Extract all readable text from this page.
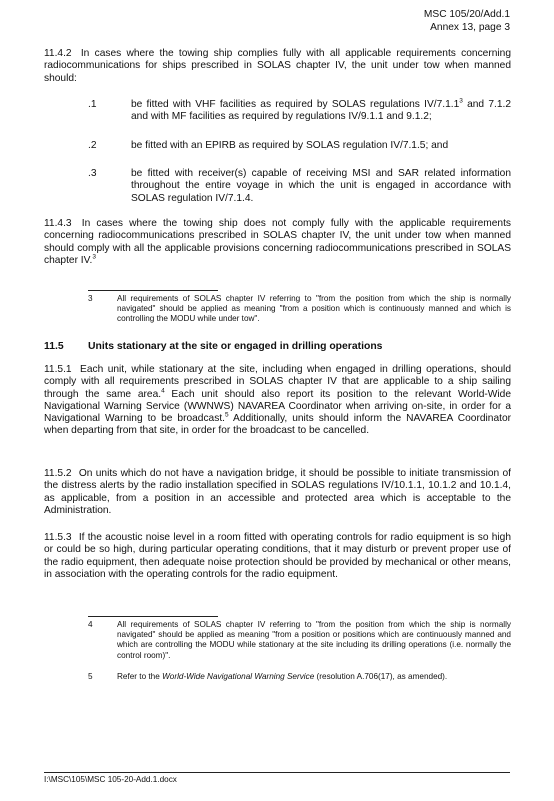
MSC 105/20/Add.1
Annex 13, page 3
11.4.2 In cases where the towing ship complies fully with all applicable requirements concerning radiocommunications for ships prescribed in SOLAS chapter IV, the unit under tow when manned should:
.1	be fitted with VHF facilities as required by SOLAS regulations IV/7.1.1$^3$ and 7.1.2 and with MF facilities as required by regulations IV/9.1.1 and 9.1.2;
.2	be fitted with an EPIRB as required by SOLAS regulation IV/7.1.5; and
.3	be fitted with receiver(s) capable of receiving MSI and SAR related information throughout the entire voyage in which the unit is engaged in accordance with SOLAS regulation IV/7.1.4.
11.4.3 In cases where the towing ship does not comply fully with the applicable requirements concerning radiocommunications prescribed in SOLAS chapter IV, the unit under tow when manned should comply with all the applicable provisions concerning radiocommunications prescribed in SOLAS chapter IV.$^3$
3	All requirements of SOLAS chapter IV referring to "from the position from which the ship is normally navigated" should be applied as meaning "from a position which is continuously manned and which is controlling the MODU while under tow".
11.5 Units stationary at the site or engaged in drilling operations
11.5.1 Each unit, while stationary at the site, including when engaged in drilling operations, should comply with all requirements prescribed in SOLAS chapter IV that are applicable to a ship sailing through the same area.$^4$ Each unit should also report its position to the relevant World-Wide Navigational Warning Service (WWNWS) NAVAREA Coordinator when arriving on-site, in order for a Navigational Warning to be broadcast.$^5$ Additionally, units should inform the NAVAREA Coordinator when departing from that site, in order for the broadcast to be cancelled.
11.5.2 On units which do not have a navigation bridge, it should be possible to initiate transmission of the distress alerts by the radio installation specified in SOLAS regulations IV/10.1.1, 10.1.2 and 10.1.4, as applicable, from a position in an accessible and protected area which is acceptable to the Administration.
11.5.3 If the acoustic noise level in a room fitted with operating controls for radio equipment is so high or could be so high, during particular operating conditions, that it may disturb or prevent proper use of the radio equipment, then adequate noise protection should be provided by mechanical or other means, in association with the operating controls for the radio equipment.
4	All requirements of SOLAS chapter IV referring to "from the position from which the ship is normally navigated" should be applied as meaning "from a position or positions which are continuously manned and which are controlling the MODU while stationary at the site including its drilling operations (i.e. normally the control room)".
5	Refer to the World-Wide Navigational Warning Service (resolution A.706(17), as amended).
I:\MSC\105\MSC 105-20-Add.1.docx
